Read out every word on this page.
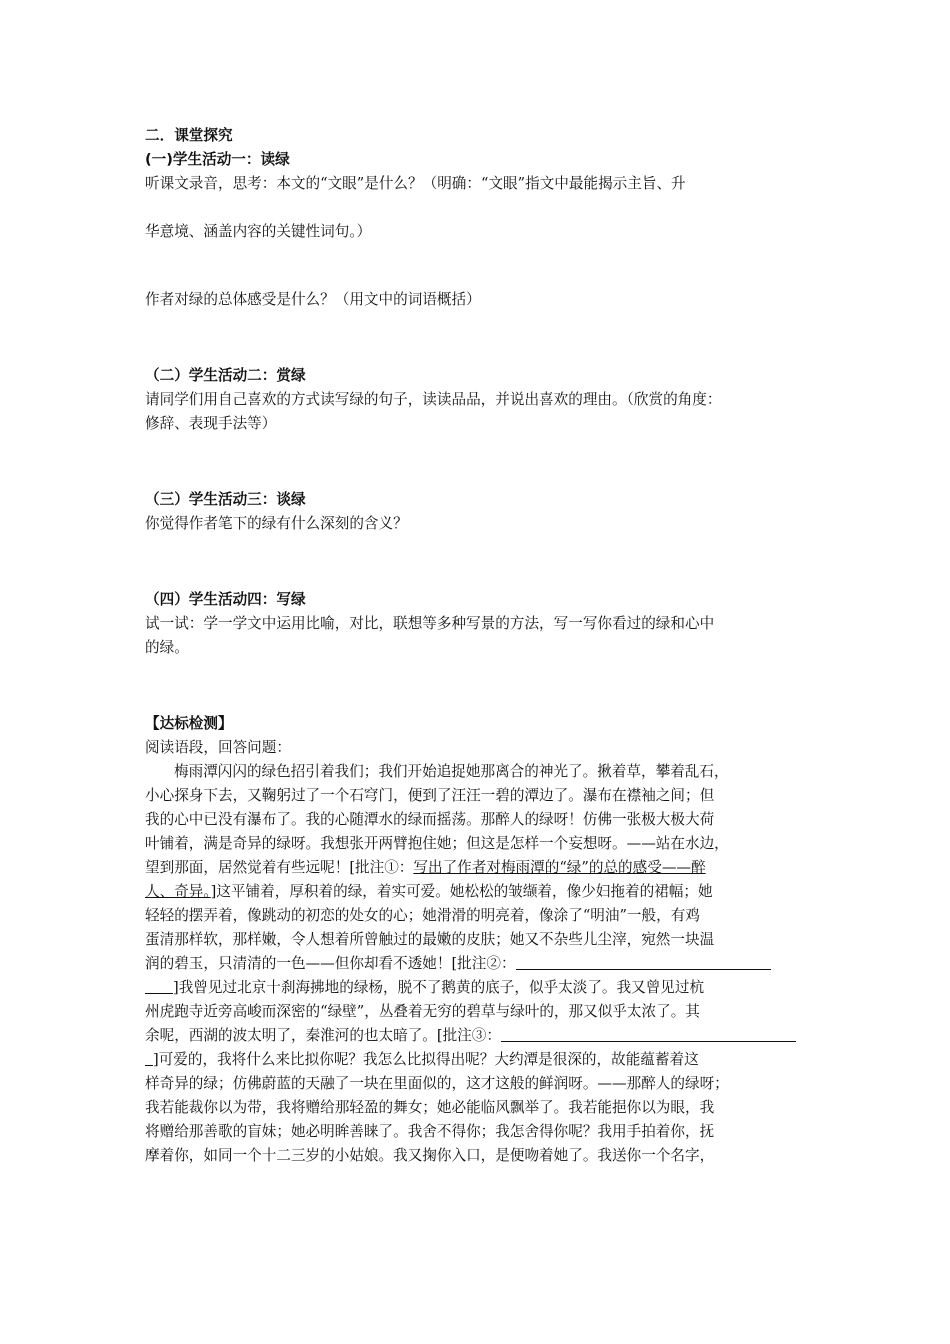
二．课堂探究

(一)学生活动一：读绿

听课文录音，思考：本文的“文眼”是什么？（明确：“文眼”指文中最能揭示主旨、升

华意境、涵盖内容的关键性词句。）

作者对绿的总体感受是什么？（用文中的词语概括）

（二）学生活动二：赏绿

请同学们用自己喜欢的方式读写绿的句子，读读品品，并说出喜欢的理由。（欣赏的角度：

修辞、表现手法等）

（三）学生活动三：谈绿

你觉得作者笔下的绿有什么深刻的含义？

（四）学生活动四：写绿

试一试：学一学文中运用比喻，对比，联想等多种写景的方法，写一写你看过的绿和心中

的绿。

【达标检测】

阅读语段，回答问题：

梅雨潭闪闪的绿色招引着我们；我们开始追捉她那离合的神光了。揪着草，攀着乱石，

小心探身下去，又鞠躬过了一个石穹门，便到了汪汪一碧的潭边了。瀑布在襟袖之间；但

我的心中已没有瀑布了。我的心随潭水的绿而摇荡。那醉人的绿呀！仿佛一张极大极大荷

叶铺着，满是奇异的绿呀。我想张开两臂抱住她；但这是怎样一个妄想呀。——站在水边，

望到那面，居然觉着有些远呢！[批注①：写出了作者对梅雨潭的“绿”的总的感受——醉

人、奇异。]这平铺着，厚积着的绿，着实可爱。她松松的皱缬着，像少妇拖着的裙幅；她

轻轻的摆弄着，像跳动的初恋的处女的心；她滑滑的明亮着，像涂了“明油”一般，有鸡

蛋清那样软，那样嫩，令人想着所曾触过的最嫩的皮肤；她又不杂些儿尘滓，宛然一块温

润的碧玉，只清清的一色——但你却看不透她！[批注②：

]我曾见过北京十刹海拂地的绿杨，脱不了鹅黄的底子，似乎太淡了。我又曾见过杭

州虎跑寺近旁高峻而深密的“绿壁”，丛叠着无穷的碧草与绿叶的，那又似乎太浓了。其

余呢，西湖的波太明了，秦淮河的也太暗了。[批注③：

]可爱的，我将什么来比拟你呢？我怎么比拟得出呢？大约潭是很深的，故能蕴蓄着这

样奇异的绿；仿佛蔚蓝的天融了一块在里面似的，这才这般的鲜润呀。——那醉人的绿呀；

我若能裁你以为带，我将赠给那轻盈的舞女；她必能临风飘举了。我若能挹你以为眼，我

将赠给那善歌的盲妹；她必明眸善睐了。我舍不得你；我怎舍得你呢？我用手拍着你，抚

摩着你，如同一个十二三岁的小姑娘。我又掬你入口，是便吻着她了。我送你一个名字，
